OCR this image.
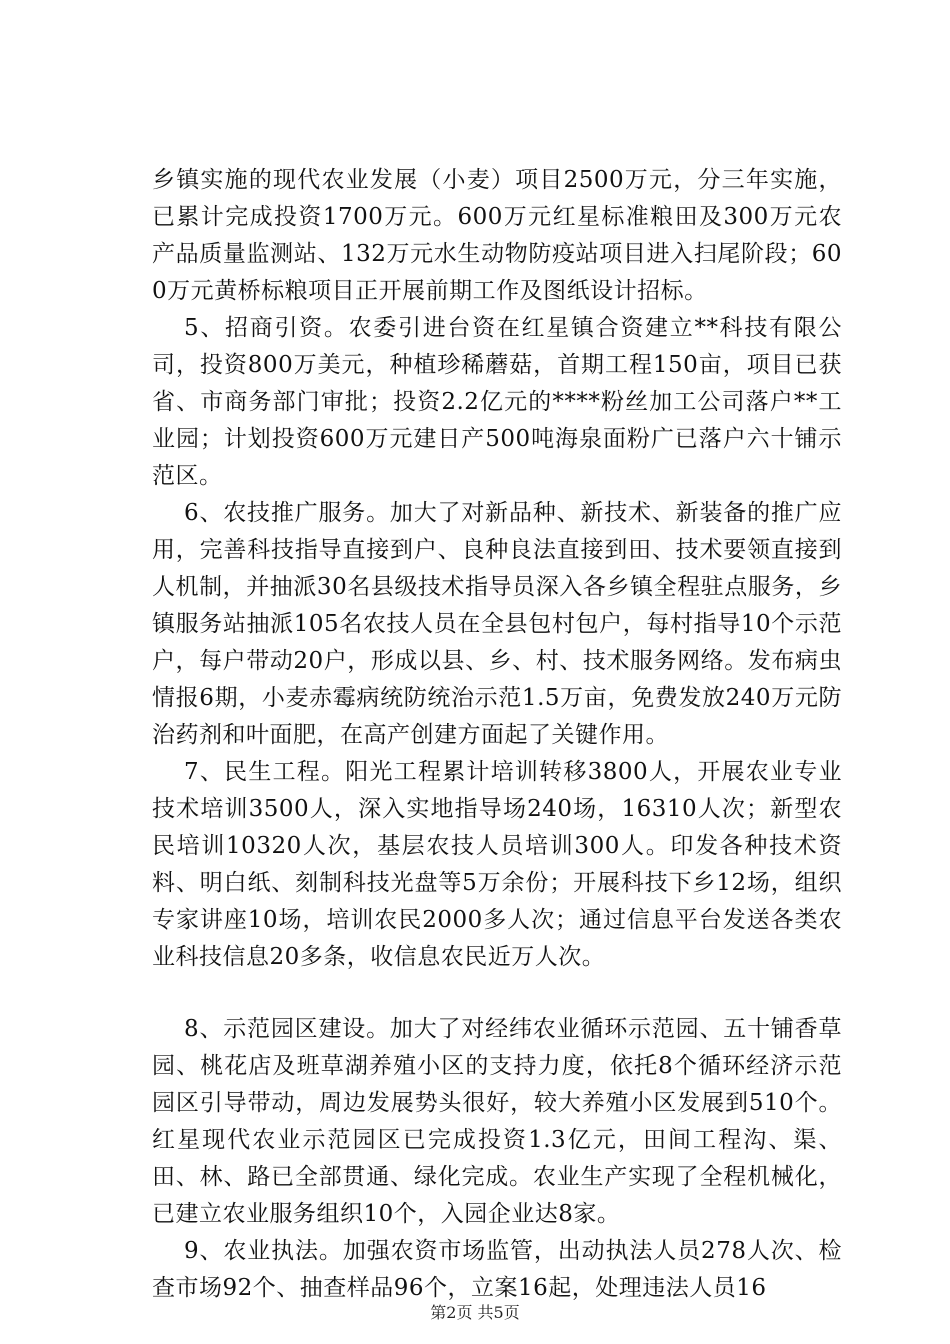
乡镇实施的现代农业发展（小麦）项目2500万元，分三年实施，已累计完成投资1700万元。600万元红星标准粮田及300万元农产品质量监测站、132万元水生动物防疫站项目进入扫尾阶段；600万元黄桥标粮项目正开展前期工作及图纸设计招标。

5、招商引资。农委引进台资在红星镇合资建立**科技有限公司，投资800万美元，种植珍稀蘑菇，首期工程150亩，项目已获省、市商务部门审批；投资2.2亿元的****粉丝加工公司落户**工业园；计划投资600万元建日产500吨海泉面粉广已落户六十铺示范区。

6、农技推广服务。加大了对新品种、新技术、新装备的推广应用，完善科技指导直接到户、良种良法直接到田、技术要领直接到人机制，并抽派30名县级技术指导员深入各乡镇全程驻点服务，乡镇服务站抽派105名农技人员在全县包村包户，每村指导10个示范户，每户带动20户，形成以县、乡、村、技术服务网络。发布病虫情报6期，小麦赤霉病统防统治示范1.5万亩，免费发放240万元防治药剂和叶面肥，在高产创建方面起了关键作用。

7、民生工程。阳光工程累计培训转移3800人，开展农业专业技术培训3500人，深入实地指导场240场，16310人次；新型农民培训10320人次，基层农技人员培训300人。印发各种技术资料、明白纸、刻制科技光盘等5万余份；开展科技下乡12场，组织专家讲座10场，培训农民2000多人次；通过信息平台发送各类农业科技信息20多条，收信息农民近万人次。

8、示范园区建设。加大了对经纬农业循环示范园、五十铺香草园、桃花店及班草湖养殖小区的支持力度，依托8个循环经济示范园区引导带动，周边发展势头很好，较大养殖小区发展到510个。红星现代农业示范园区已完成投资1.3亿元，田间工程沟、渠、田、林、路已全部贯通、绿化完成。农业生产实现了全程机械化，已建立农业服务组织10个，入园企业达8家。

9、农业执法。加强农资市场监管，出动执法人员278人次、检查市场92个、抽查样品96个，立案16起，处理违法人员16

第2页 共5页
